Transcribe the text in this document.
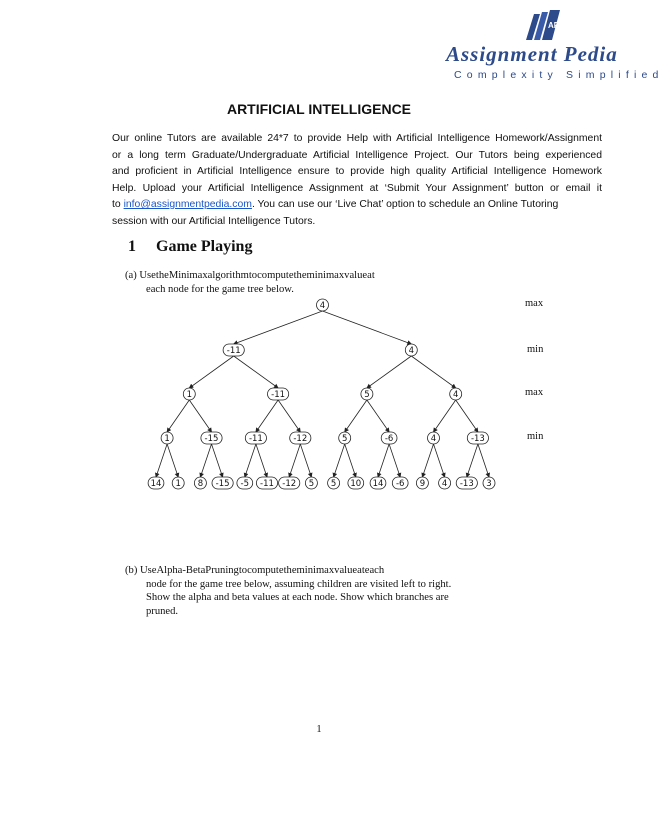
AP
Assignment Pedia
Complexity Simplified
ARTIFICIAL INTELLIGENCE
Our online Tutors are available 24*7 to provide Help with Artificial Intelligence Homework/Assignment
or a long term Graduate/Undergraduate Artificial Intelligence Project. Our Tutors being experienced
and proficient in Artificial Intelligence ensure to provide high quality Artificial Intelligence Homework
Help. Upload your Artificial Intelligence Assignment at ‘Submit Your Assignment’ button or email it
to info@assignmentpedia.com. You can use our ‘Live Chat’ option to schedule an Online Tutoring
session with our Artificial Intelligence Tutors.
1 Game Playing
(a) UsetheMinimaxalgorithmtocomputetheminimaxvalueat
each node for the game tree below.
max
min
max
min
4
-11	4
1	-11	5	4
1	-15	-11	-12	5	-6	4	-13
14 1 8 -15 -5 -11 -12 5 5 10 14 -6 9 4 -13 3
(b) UseAlpha-BetaPruningtocomputetheminimaxvalueateach
node for the game tree below, assuming children are visited left to right.
Show the alpha and beta values at each node. Show which branches are
pruned.
1
